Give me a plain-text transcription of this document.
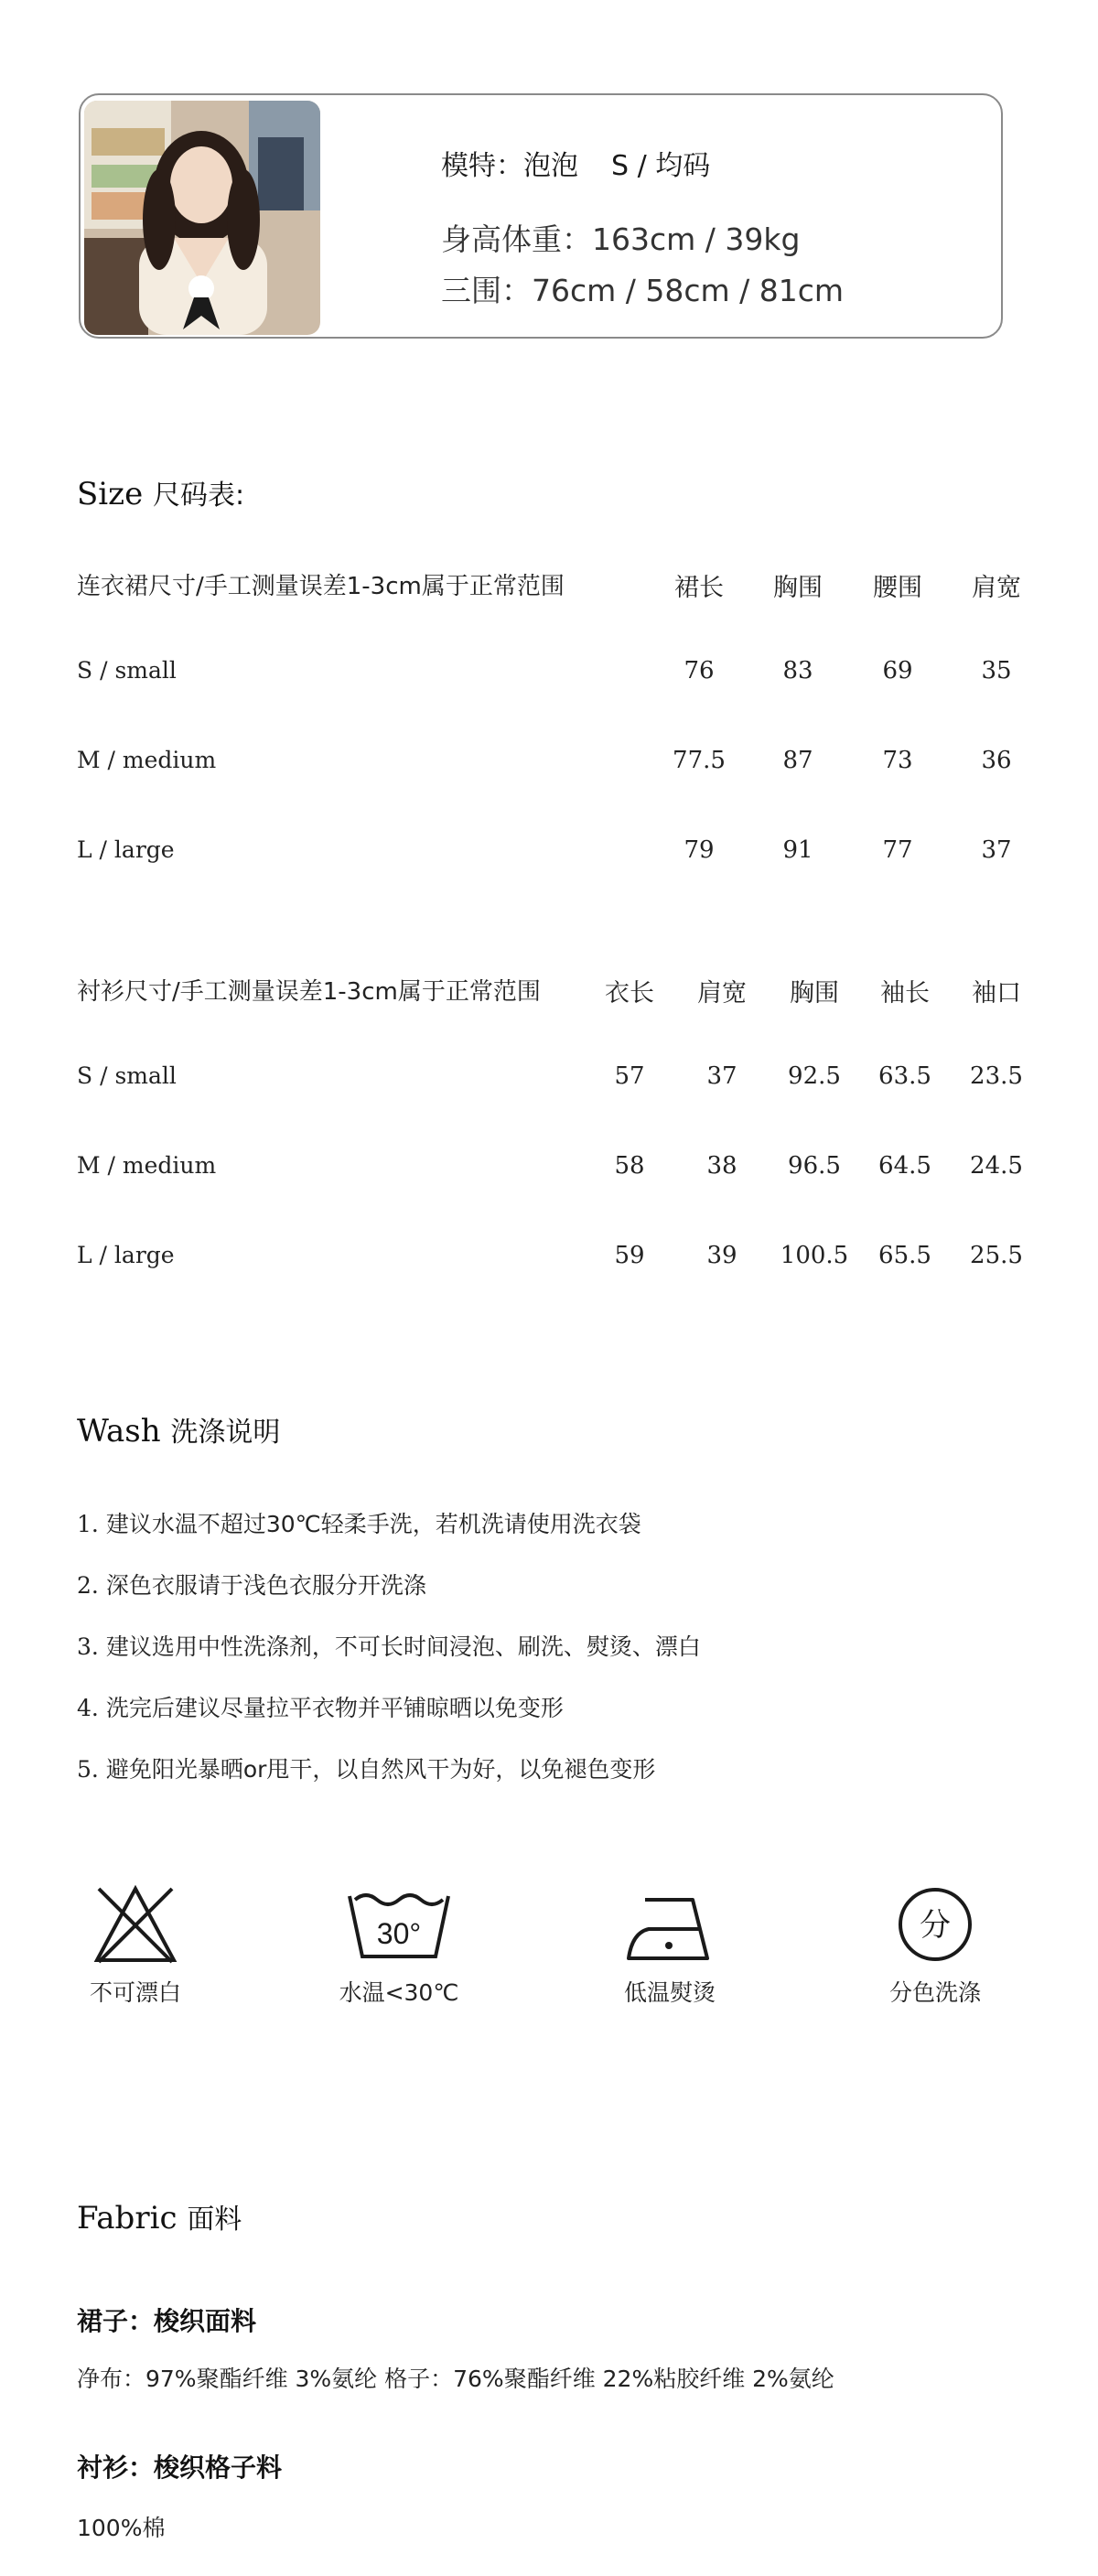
模特：泡泡 S / 均码
身高体重：163cm / 39kg
三围：76cm / 58cm / 81cm
Size 尺码表:
连衣裙尺寸/手工测量误差1-3cm属于正常范围	裙长	胸围	腰围	肩宽
S / small	76	83	69	35
M / medium	77.5	87	73	36
L / large	79	91	77	37
衬衫尺寸/手工测量误差1-3cm属于正常范围	衣长	肩宽	胸围	袖长	袖口
S / small	57	37	92.5	63.5	23.5
M / medium	58	38	96.5	64.5	24.5
L / large	59	39	100.5	65.5	25.5
Wash 洗涤说明
1. 建议水温不超过30℃轻柔手洗，若机洗请使用洗衣袋
2. 深色衣服请于浅色衣服分开洗涤
3. 建议选用中性洗涤剂，不可长时间浸泡、刷洗、熨烫、漂白
4. 洗完后建议尽量拉平衣物并平铺晾晒以免变形
5. 避免阳光暴晒or甩干，以自然风干为好，以免褪色变形
不可漂白
30°
水温<30℃	低温熨烫
分
分色洗涤
Fabric 面料
裙子：梭织面料
净布：97%聚酯纤维 3%氨纶 格子：76%聚酯纤维 22%粘胶纤维 2%氨纶
衬衫：梭织格子料
100%棉
